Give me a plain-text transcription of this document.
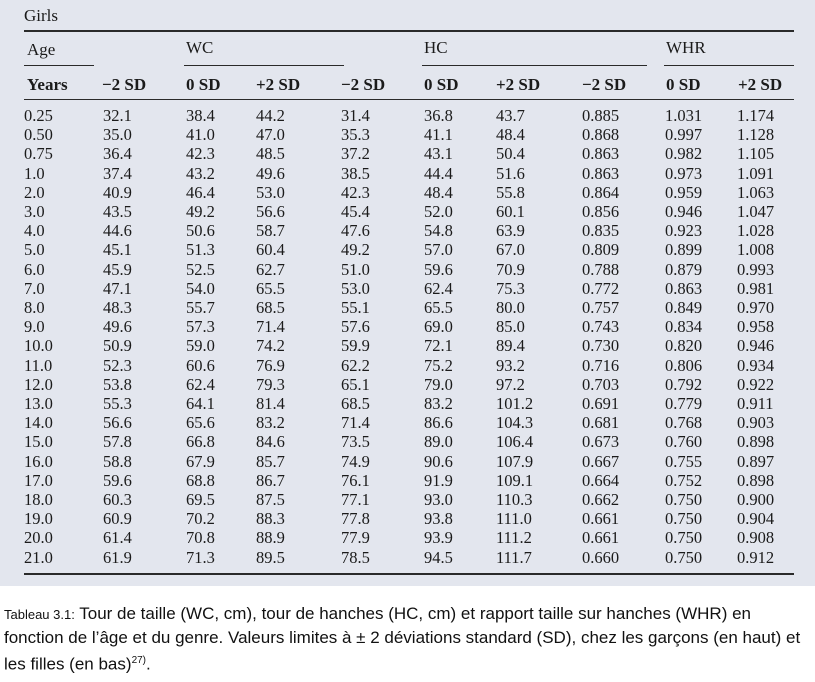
Girls
Age	WC	HC	WHR
Years −2 SD 0 SD +2 SD −2 SD 0 SD +2 SD −2 SD 0 SD +2 SD
0.25	32.1	38.4	44.2	31.4	36.8	43.7	0.885	1.031	1.174
0.50	35.0	41.0	47.0	35.3	41.1	48.4	0.868	0.997	1.128
0.75	36.4	42.3	48.5	37.2	43.1	50.4	0.863	0.982	1.105
1.0	37.4	43.2	49.6	38.5	44.4	51.6	0.863	0.973	1.091
2.0	40.9	46.4	53.0	42.3	48.4	55.8	0.864	0.959	1.063
3.0	43.5	49.2	56.6	45.4	52.0	60.1	0.856	0.946	1.047
4.0	44.6	50.6	58.7	47.6	54.8	63.9	0.835	0.923	1.028
5.0	45.1	51.3	60.4	49.2	57.0	67.0	0.809	0.899	1.008
6.0	45.9	52.5	62.7	51.0	59.6	70.9	0.788	0.879	0.993
7.0	47.1	54.0	65.5	53.0	62.4	75.3	0.772	0.863	0.981
8.0	48.3	55.7	68.5	55.1	65.5	80.0	0.757	0.849	0.970
9.0	49.6	57.3	71.4	57.6	69.0	85.0	0.743	0.834	0.958
10.0	50.9	59.0	74.2	59.9	72.1	89.4	0.730	0.820	0.946
11.0	52.3	60.6	76.9	62.2	75.2	93.2	0.716	0.806	0.934
12.0	53.8	62.4	79.3	65.1	79.0	97.2	0.703	0.792	0.922
13.0	55.3	64.1	81.4	68.5	83.2	101.2	0.691	0.779	0.911
14.0	56.6	65.6	83.2	71.4	86.6	104.3	0.681	0.768	0.903
15.0	57.8	66.8	84.6	73.5	89.0	106.4	0.673	0.760	0.898
16.0	58.8	67.9	85.7	74.9	90.6	107.9	0.667	0.755	0.897
17.0	59.6	68.8	86.7	76.1	91.9	109.1	0.664	0.752	0.898
18.0	60.3	69.5	87.5	77.1	93.0	110.3	0.662	0.750	0.900
19.0	60.9	70.2	88.3	77.8	93.8	111.0	0.661	0.750	0.904
20.0	61.4	70.8	88.9	77.9	93.9	111.2	0.661	0.750	0.908
21.0	61.9	71.3	89.5	78.5	94.5	111.7	0.660	0.750	0.912
Tableau 3.1: Tour de taille (WC, cm), tour de hanches (HC, cm) et rapport taille sur hanches (WHR) en fonction de l’âge et du genre. Valeurs limites à ± 2 déviations standard (SD), chez les garçons (en haut) et les filles (en bas)$^{27)}$.
